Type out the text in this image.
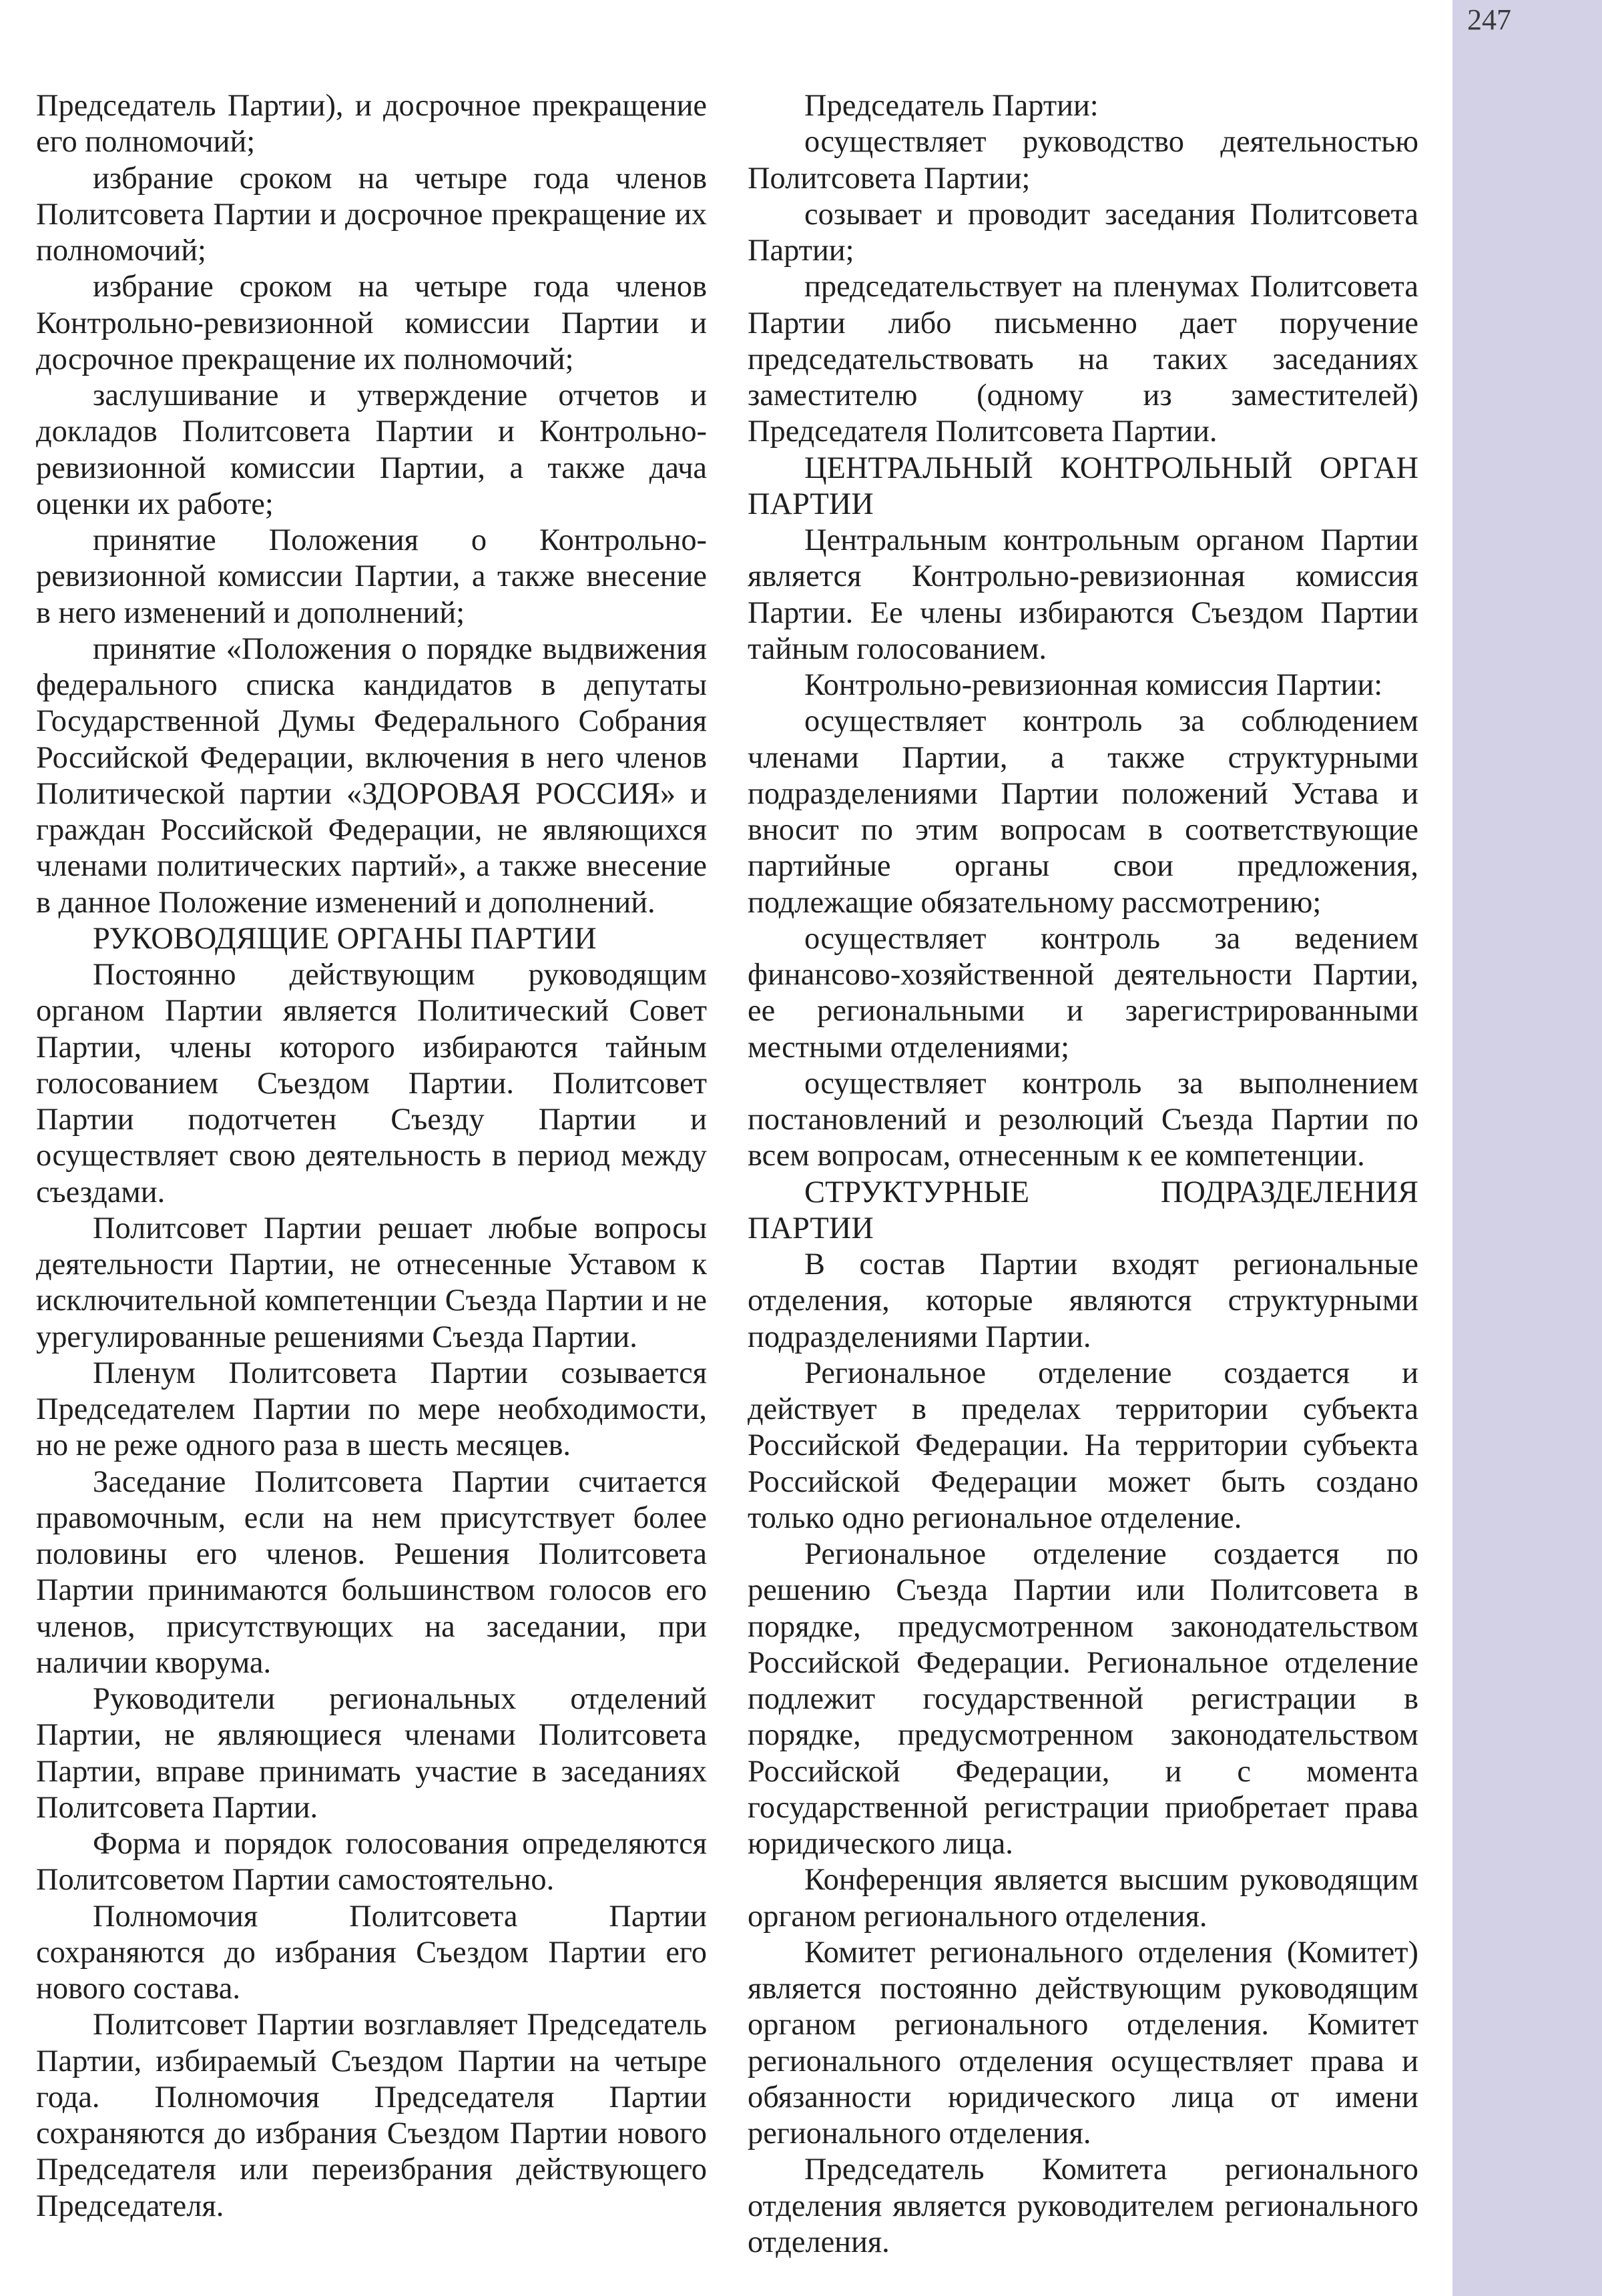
247

Председатель Партии), и досрочное прекращение его полномочий;

избрание сроком на четыре года членов Политсовета Партии и досрочное прекращение их полномочий;

избрание сроком на четыре года членов Контрольно-ревизионной комиссии Партии и досрочное прекращение их полномочий;

заслушивание и утверждение отчетов и докладов Политсовета Партии и Контрольно-ревизионной комиссии Партии, а также дача оценки их работе;

принятие Положения о Контрольно-ревизионной комиссии Партии, а также внесение в него изменений и дополнений;

принятие «Положения о порядке выдвижения федерального списка кандидатов в депутаты Государственной Думы Федерального Собрания Российской Федерации, включения в него членов Политической партии «ЗДОРОВАЯ РОССИЯ» и граждан Российской Федерации, не являющихся членами политических партий», а также внесение в данное Положение изменений и дополнений.

РУКОВОДЯЩИЕ ОРГАНЫ ПАРТИИ

Постоянно действующим руководящим органом Партии является Политический Совет Партии, члены которого избираются тайным голосованием Съездом Партии. Политсовет Партии подотчетен Съезду Партии и осуществляет свою деятельность в период между съездами.

Политсовет Партии решает любые вопросы деятельности Партии, не отнесенные Уставом к исключительной компетенции Съезда Партии и не урегулированные решениями Съезда Партии.

Пленум Политсовета Партии созывается Председателем Партии по мере необходимости, но не реже одного раза в шесть месяцев.

Заседание Политсовета Партии считается правомочным, если на нем присутствует более половины его членов. Решения Политсовета Партии принимаются большинством голосов его членов, присутствующих на заседании, при наличии кворума.

Руководители региональных отделений Партии, не являющиеся членами Политсовета Партии, вправе принимать участие в заседаниях Политсовета Партии.

Форма и порядок голосования определяются Политсоветом Партии самостоятельно.

Полномочия Политсовета Партии сохраняются до избрания Съездом Партии его нового состава.

Политсовет Партии возглавляет Председатель Партии, избираемый Съездом Партии на четыре года. Полномочия Председателя Партии сохраняются до избрания Съездом Партии нового Председателя или переизбрания действующего Председателя.

Председатель Партии:

осуществляет руководство деятельностью Политсовета Партии;

созывает и проводит заседания Политсовета Партии;

председательствует на пленумах Политсовета Партии либо письменно дает поручение председательствовать на таких заседаниях заместителю (одному из заместителей) Председателя Политсовета Партии.

ЦЕНТРАЛЬНЫЙ КОНТРОЛЬНЫЙ ОРГАН ПАРТИИ

Центральным контрольным органом Партии является Контрольно-ревизионная комиссия Партии. Ее члены избираются Съездом Партии тайным голосованием.

Контрольно-ревизионная комиссия Партии:

осуществляет контроль за соблюдением членами Партии, а также структурными подразделениями Партии положений Устава и вносит по этим вопросам в соответствующие партийные органы свои предложения, подлежащие обязательному рассмотрению;

осуществляет контроль за ведением финансово-хозяйственной деятельности Партии, ее региональными и зарегистрированными местными отделениями;

осуществляет контроль за выполнением постановлений и резолюций Съезда Партии по всем вопросам, отнесенным к ее компетенции.

СТРУКТУРНЫЕ ПОДРАЗДЕЛЕНИЯ ПАРТИИ

В состав Партии входят региональные отделения, которые являются структурными подразделениями Партии.

Региональное отделение создается и действует в пределах территории субъекта Российской Федерации. На территории субъекта Российской Федерации может быть создано только одно региональное отделение.

Региональное отделение создается по решению Съезда Партии или Политсовета в порядке, предусмотренном законодательством Российской Федерации. Региональное отделение подлежит государственной регистрации в порядке, предусмотренном законодательством Российской Федерации, и с момента государственной регистрации приобретает права юридического лица.

Конференция является высшим руководящим органом регионального отделения.

Комитет регионального отделения (Комитет) является постоянно действующим руководящим органом регионального отделения. Комитет регионального отделения осуществляет права и обязанности юридического лица от имени регионального отделения.

Председатель Комитета регионального отделения является руководителем регионального отделения.
